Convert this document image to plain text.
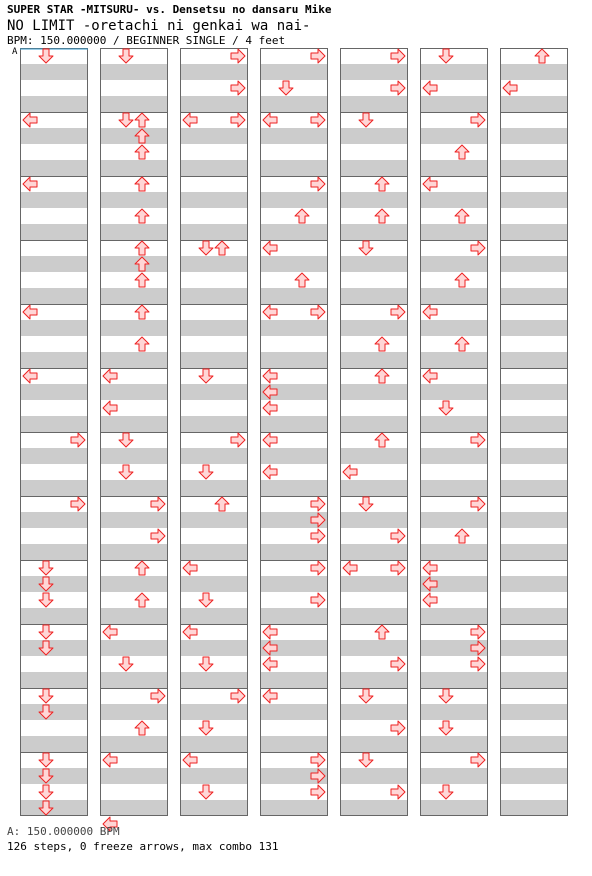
SUPER STAR -MITSURU- vs. Densetsu no dansaru Mike
NO LIMIT -oretachi ni genkai wa nai-
BPM: 150.000000 / BEGINNER SINGLE / 4 feet
A
A: 150.000000 BPM
126 steps, 0 freeze arrows, max combo 131
